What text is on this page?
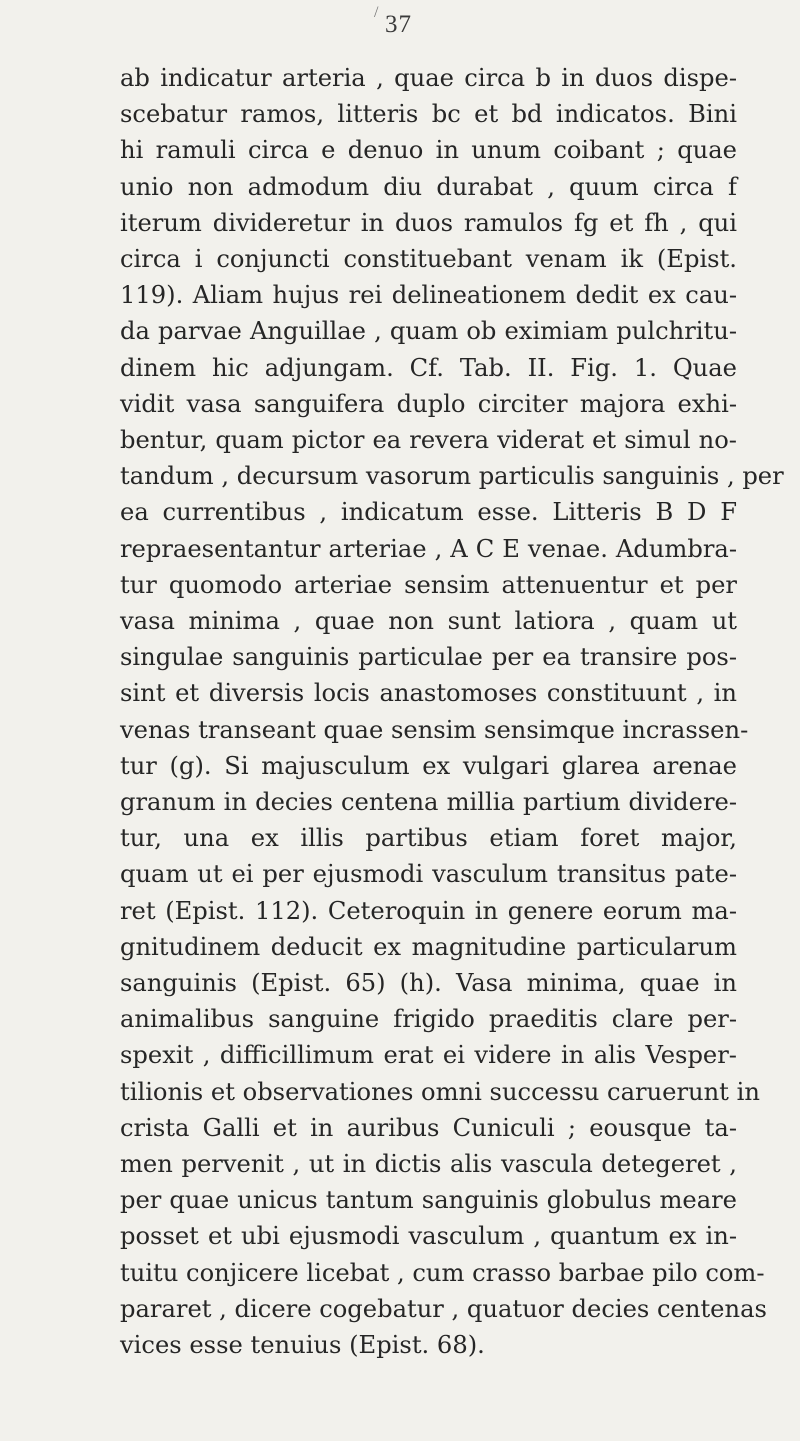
/ 37
ab indicatur arteria , quae circa b in duos dispe-
scebatur ramos, litteris bc et bd indicatos. Bini
hi ramuli circa e denuo in unum coibant ; quae
unio non admodum diu durabat , quum circa f
iterum divideretur in duos ramulos fg et fh , qui
circa i conjuncti constituebant venam ik (Epist.
119). Aliam hujus rei delineationem dedit ex cau-
da parvae Anguillae , quam ob eximiam pulchritu-
dinem hic adjungam. Cf. Tab. II. Fig. 1. Quae
vidit vasa sanguifera duplo circiter majora exhi-
bentur, quam pictor ea revera viderat et simul no-
tandum , decursum vasorum particulis sanguinis , per
ea currentibus , indicatum esse. Litteris B D F
repraesentantur arteriae , A C E venae. Adumbra-
tur quomodo arteriae sensim attenuentur et per
vasa minima , quae non sunt latiora , quam ut
singulae sanguinis particulae per ea transire pos-
sint et diversis locis anastomoses constituunt , in
venas transeant quae sensim sensimque incrassen-
tur (g). Si majusculum ex vulgari glarea arenae
granum in decies centena millia partium dividere-
tur, una ex illis partibus etiam foret major,
quam ut ei per ejusmodi vasculum transitus pate-
ret (Epist. 112). Ceteroquin in genere eorum ma-
gnitudinem deducit ex magnitudine particularum
sanguinis (Epist. 65) (h). Vasa minima, quae in
animalibus sanguine frigido praeditis clare per-
spexit , difficillimum erat ei videre in alis Vesper-
tilionis et observationes omni successu caruerunt in
crista Galli et in auribus Cuniculi ; eousque ta-
men pervenit , ut in dictis alis vascula detegeret ,
per quae unicus tantum sanguinis globulus meare
posset et ubi ejusmodi vasculum , quantum ex in-
tuitu conjicere licebat , cum crasso barbae pilo com-
pararet , dicere cogebatur , quatuor decies centenas
vices esse tenuius (Epist. 68).
